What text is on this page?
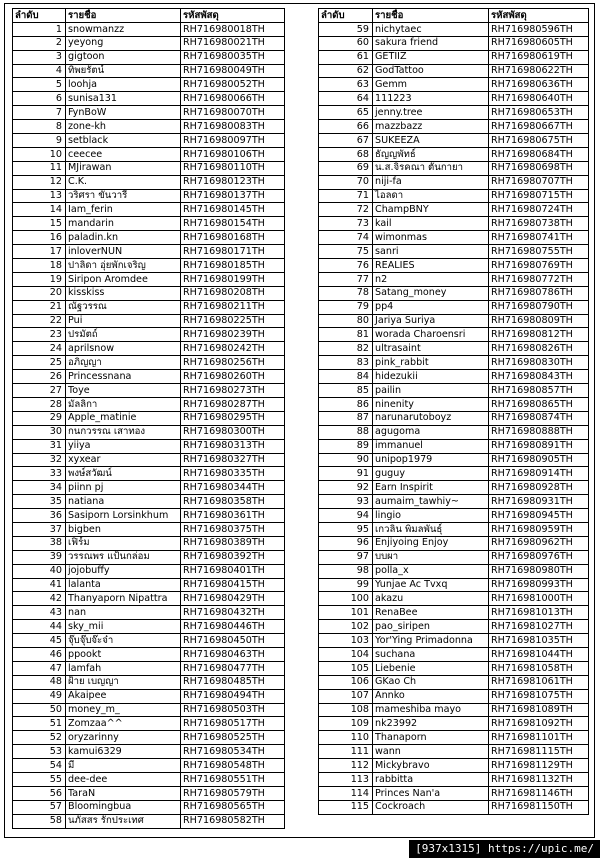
ลำดับ	รายชื่อ	รหัสพัสดุ
1	snowmanzz	RH716980018TH
2	yeyong	RH716980021TH
3	gigtoon	RH716980035TH
4	ทิพยรัตน์	RH716980049TH
5	loohja	RH716980052TH
6	sunisa131	RH716980066TH
7	FynBoW	RH716980070TH
8	zone-kh	RH716980083TH
9	setblack	RH716980097TH
10	ceecee	RH716980106TH
11	MJirawan	RH716980110TH
12	C.K.	RH716980123TH
13	วริศรา ขันวารี	RH716980137TH
14	Iam_ferin	RH716980145TH
15	mandarin	RH716980154TH
16	paladin.kn	RH716980168TH
17	inloverNUN	RH716980171TH
18	ปาลิดา อุ่ยพักเจริญ	RH716980185TH
19	Siripon Aromdee	RH716980199TH
20	kisskiss	RH716980208TH
21	ณัฐวรรณ	RH716980211TH
22	Pui	RH716980225TH
23	ปรมัตถ์	RH716980239TH
24	aprilsnow	RH716980242TH
25	อภิญญา	RH716980256TH
26	Princessnana	RH716980260TH
27	Toye	RH716980273TH
28	มัลลิกา	RH716980287TH
29	Apple_matinie	RH716980295TH
30	กนกวรรณ เสาทอง	RH716980300TH
31	yiiya	RH716980313TH
32	xyxear	RH716980327TH
33	พงษ์สวัฒน์	RH716980335TH
34	piinn pj	RH716980344TH
35	natiana	RH716980358TH
36	Sasiporn Lorsinkhum	RH716980361TH
37	bigben	RH716980375TH
38	เฟิร์ม	RH716980389TH
39	วรรณพร แป้นกล่อม	RH716980392TH
40	jojobuffy	RH716980401TH
41	lalanta	RH716980415TH
42	Thanyaporn Nipattra	RH716980429TH
43	nan	RH716980432TH
44	sky_mii	RH716980446TH
45	จุ๊บจุ๊บจ๊ะจ๋า	RH716980450TH
46	ppookt	RH716980463TH
47	lamfah	RH716980477TH
48	ฝ้าย เบญญา	RH716980485TH
49	Akaipee	RH716980494TH
50	money_m_	RH716980503TH
51	Zomzaa^^	RH716980517TH
52	oryzarinny	RH716980525TH
53	kamui6329	RH716980534TH
54	มี	RH716980548TH
55	dee-dee	RH716980551TH
56	TaraN	RH716980579TH
57	Bloomingbua	RH716980565TH
58	นภัสสร รักประเทศ	RH716980582TH
ลำดับ	รายชื่อ	รหัสพัสดุ
59	nichytaec	RH716980596TH
60	sakura friend	RH716980605TH
61	GETIIZ	RH716980619TH
62	GodTattoo	RH716980622TH
63	Gemm	RH716980636TH
64	111223	RH716980640TH
65	jenny.tree	RH716980653TH
66	mazzbazz	RH716980667TH
67	SUKEEZA	RH716980675TH
68	ธัญญพัทธ์	RH716980684TH
69	น.ส.จิรคณา ตันกายา	RH716980698TH
70	niji-fa	RH716980707TH
71	ไอลดา	RH716980715TH
72	ChampBNY	RH716980724TH
73	kail	RH716980738TH
74	wimonmas	RH716980741TH
75	sanri	RH716980755TH
76	REALIES	RH716980769TH
77	n2	RH716980772TH
78	Satang_money	RH716980786TH
79	pp4	RH716980790TH
80	Jariya Suriya	RH716980809TH
81	worada Charoensri	RH716980812TH
82	ultrasaint	RH716980826TH
83	pink_rabbit	RH716980830TH
84	hidezukii	RH716980843TH
85	pailin	RH716980857TH
86	ninenity	RH716980865TH
87	narunarutoboyz	RH716980874TH
88	agugoma	RH716980888TH
89	immanuel	RH716980891TH
90	unipop1979	RH716980905TH
91	guguy	RH716980914TH
92	Earn Inspirit	RH716980928TH
93	aumaim_tawhiy~	RH716980931TH
94	lingio	RH716980945TH
95	เกวลิน พิมลพันธุ์	RH716980959TH
96	Enjiyoing Enjoy	RH716980962TH
97	บบผา	RH716980976TH
98	polla_x	RH716980980TH
99	Yunjae Ac Tvxq	RH716980993TH
100	akazu	RH716981000TH
101	RenaBee	RH716981013TH
102	pao_siripen	RH716981027TH
103	Yor'Ying Primadonna	RH716981035TH
104	suchana	RH716981044TH
105	Liebenie	RH716981058TH
106	GKao Ch	RH716981061TH
107	Annko	RH716981075TH
108	mameshiba mayo	RH716981089TH
109	nk23992	RH716981092TH
110	Thanaporn	RH716981101TH
111	wann	RH716981115TH
112	Mickybravo	RH716981129TH
113	rabbitta	RH716981132TH
114	Princes Nan'a	RH716981146TH
115	Cockroach	RH716981150TH
[937x1315] https://upic.me/
